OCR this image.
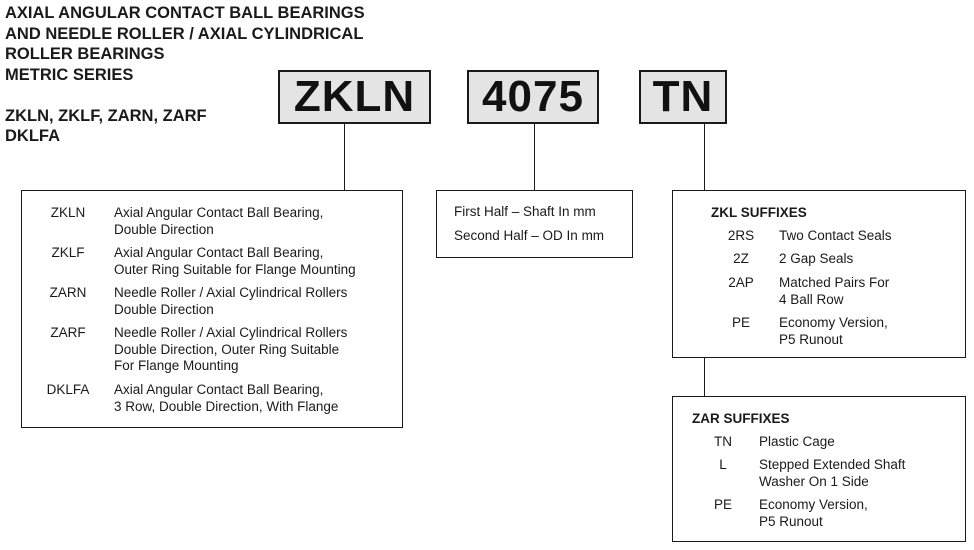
AXIAL ANGULAR CONTACT BALL BEARINGS
AND NEEDLE ROLLER / AXIAL CYLINDRICAL
ROLLER BEARINGS
METRIC SERIES
ZKLN, ZKLF, ZARN, ZARF
DKLFA
ZKLN	4075	TN
ZKLN	Axial Angular Contact Ball Bearing,
Double Direction
ZKLF	Axial Angular Contact Ball Bearing,
Outer Ring Suitable for Flange Mounting
ZARN	Needle Roller / Axial Cylindrical Rollers
Double Direction
ZARF	Needle Roller / Axial Cylindrical Rollers
Double Direction, Outer Ring Suitable
For Flange Mounting
DKLFA	Axial Angular Contact Ball Bearing,
3 Row, Double Direction, With Flange
First Half – Shaft In mm
Second Half – OD In mm
ZKL SUFFIXES
2RS	Two Contact Seals
2Z	2 Gap Seals
2AP	Matched Pairs For
4 Ball Row
PE	Economy Version,
P5 Runout
ZAR SUFFIXES
TN	Plastic Cage
L	Stepped Extended Shaft
Washer On 1 Side
PE	Economy Version,
P5 Runout
